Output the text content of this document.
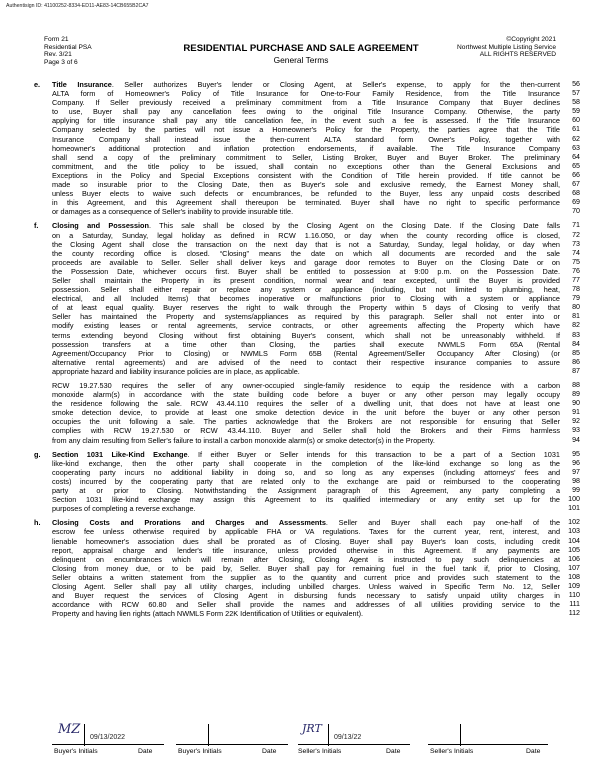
Authentisign ID: 41100252-8334-ED11-AE83-14CB655B2CA7
Form 21
Residential PSA
Rev. 3/21
Page 3 of 6
RESIDENTIAL PURCHASE AND SALE AGREEMENT
General Terms
©Copyright 2021
Northwest Multiple Listing Service
ALL RIGHTS RESERVED
e.	Title Insurance. Seller authorizes Buyer's lender or Closing Agent, at Seller's expense, to apply for the then-current
ALTA form of Homeowner's Policy of Title Insurance for One-to-Four Family Residence, from the Title Insurance
Company. If Seller previously received a preliminary commitment from a Title Insurance Company that Buyer declines
to use, Buyer shall pay any cancellation fees owing to the original Title Insurance Company. Otherwise, the party
applying for title insurance shall pay any title cancellation fee, in the event such a fee is assessed. If the Title Insurance
Company selected by the parties will not issue a Homeowner's Policy for the Property, the parties agree that the Title
Insurance Company shall instead issue the then-current ALTA standard form Owner's Policy, together with
homeowner's additional protection and inflation protection endorsements, if available. The Title Insurance Company
shall send a copy of the preliminary commitment to Seller, Listing Broker, Buyer and Buyer Broker. The preliminary
commitment, and the title policy to be issued, shall contain no exceptions other than the General Exclusions and
Exceptions in the Policy and Special Exceptions consistent with the Condition of Title herein provided. If title cannot be
made so insurable prior to the Closing Date, then as Buyer's sole and exclusive remedy, the Earnest Money shall,
unless Buyer elects to waive such defects or encumbrances, be refunded to the Buyer, less any unpaid costs described
in this Agreement, and this Agreement shall thereupon be terminated. Buyer shall have no right to specific performance
or damages as a consequence of Seller's inability to provide insurable title.
56
57
58
59
60
61
62
63
64
65
66
67
68
69
70
f.	Closing and Possession. This sale shall be closed by the Closing Agent on the Closing Date. If the Closing Date falls
on a Saturday, Sunday, legal holiday as defined in RCW 1.16.050, or day when the county recording office is closed,
the Closing Agent shall close the transaction on the next day that is not a Saturday, Sunday, legal holiday, or day when
the county recording office is closed. “Closing” means the date on which all documents are recorded and the sale
proceeds are available to Seller. Seller shall deliver keys and garage door remotes to Buyer on the Closing Date or on
the Possession Date, whichever occurs first. Buyer shall be entitled to possession at 9:00 p.m. on the Possession Date.
Seller shall maintain the Property in its present condition, normal wear and tear excepted, until the Buyer is provided
possession. Seller shall either repair or replace any system or appliance (including, but not limited to plumbing, heat,
electrical, and all Included Items) that becomes inoperative or malfunctions prior to Closing with a system or appliance
of at least equal quality. Buyer reserves the right to walk through the Property within 5 days of Closing to verify that
Seller has maintained the Property and systems/appliances as required by this paragraph. Seller shall not enter into or
modify existing leases or rental agreements, service contracts, or other agreements affecting the Property which have
terms extending beyond Closing without first obtaining Buyer's consent, which shall not be unreasonably withheld. If
possession transfers at a time other than Closing, the parties shall execute NWMLS Form 65A (Rental
Agreement/Occupancy Prior to Closing) or NWMLS Form 65B (Rental Agreement/Seller Occupancy After Closing) (or
alternative rental agreements) and are advised of the need to contact their respective insurance companies to assure
appropriate hazard and liability insurance policies are in place, as applicable.
71
72
73
74
75
76
77
78
79
80
81
82
83
84
85
86
87
RCW 19.27.530 requires the seller of any owner-occupied single-family residence to equip the residence with a carbon
monoxide alarm(s) in accordance with the state building code before a buyer or any other person may legally occupy
the residence following the sale. RCW 43.44.110 requires the seller of a dwelling unit, that does not have at least one
smoke detection device, to provide at least one smoke detection device in the unit before the buyer or any other person
occupies the unit following a sale. The parties acknowledge that the Brokers are not responsible for ensuring that Seller
complies with RCW 19.27.530 or RCW 43.44.110. Buyer and Seller shall hold the Brokers and their Firms harmless
from any claim resulting from Seller's failure to install a carbon monoxide alarm(s) or smoke detector(s) in the Property.
88
89
90
91
92
93
94
g.	Section 1031 Like-Kind Exchange. If either Buyer or Seller intends for this transaction to be a part of a Section 1031
like-kind exchange, then the other party shall cooperate in the completion of the like-kind exchange so long as the
cooperating party incurs no additional liability in doing so, and so long as any expenses (including attorneys' fees and
costs) incurred by the cooperating party that are related only to the exchange are paid or reimbursed to the cooperating
party at or prior to Closing. Notwithstanding the Assignment paragraph of this Agreement, any party completing a
Section 1031 like-kind exchange may assign this Agreement to its qualified intermediary or any entity set up for the
purposes of completing a reverse exchange.
95
96
97
98
99
100
101
h.	Closing Costs and Prorations and Charges and Assessments. Seller and Buyer shall each pay one-half of the
escrow fee unless otherwise required by applicable FHA or VA regulations. Taxes for the current year, rent, interest, and
lienable homeowner's association dues shall be prorated as of Closing. Buyer shall pay Buyer's loan costs, including credit
report, appraisal charge and lender's title insurance, unless provided otherwise in this Agreement. If any payments are
delinquent on encumbrances which will remain after Closing, Closing Agent is instructed to pay such delinquencies at
Closing from money due, or to be paid by, Seller. Buyer shall pay for remaining fuel in the fuel tank if, prior to Closing,
Seller obtains a written statement from the supplier as to the quantity and current price and provides such statement to the
Closing Agent. Seller shall pay all utility charges, including unbilled charges. Unless waived in Specific Term No. 12, Seller
and Buyer request the services of Closing Agent in disbursing funds necessary to satisfy unpaid utility charges in
accordance with RCW 60.80 and Seller shall provide the names and addresses of all utilities providing service to the
Property and having lien rights (attach NWMLS Form 22K Identification of Utilities or equivalent).
102
103
104
105
106
107
108
109
110
111
112
MZ
09/13/2022
JRT
09/13/22
Buyer's Initials	Date	Buyer's Initials	Date	Seller's Initials	Date	Seller's Initials	Date
